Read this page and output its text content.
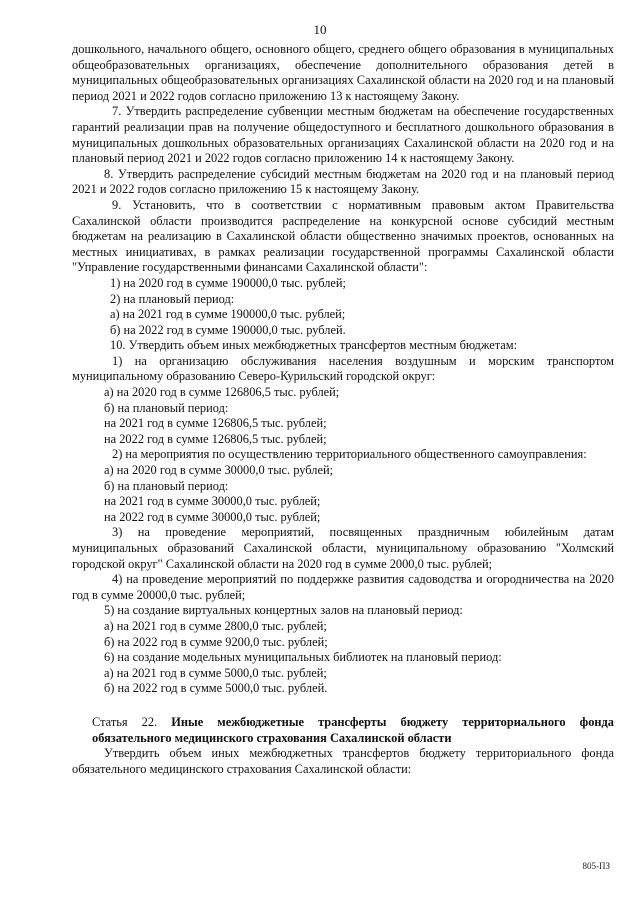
10

дошкольного, начального общего, основного общего, среднего общего образования в муниципальных общеобразовательных организациях, обеспечение дополнительного образования детей в муниципальных общеобразовательных организациях Сахалинской области на 2020 год и на плановый период 2021 и 2022 годов согласно приложению 13 к настоящему Закону.

7. Утвердить распределение субвенции местным бюджетам на обеспечение государственных гарантий реализации прав на получение общедоступного и бесплатного дошкольного образования в муниципальных дошкольных образовательных организациях Сахалинской области на 2020 год и на плановый период 2021 и 2022 годов согласно приложению 14 к настоящему Закону.

8. Утвердить распределение субсидий местным бюджетам на 2020 год и на плановый период 2021 и 2022 годов согласно приложению 15 к настоящему Закону.

9. Установить, что в соответствии с нормативным правовым актом Правительства Сахалинской области производится распределение на конкурсной основе субсидий местным бюджетам на реализацию в Сахалинской области общественно значимых проектов, основанных на местных инициативах, в рамках реализации государственной программы Сахалинской области "Управление государственными финансами Сахалинской области":

1) на 2020 год в сумме 190000,0 тыс. рублей;

2) на плановый период:

а) на 2021 год в сумме 190000,0 тыс. рублей;

б) на 2022 год в сумме 190000,0 тыс. рублей.

10. Утвердить объем иных межбюджетных трансфертов местным бюджетам:

1) на организацию обслуживания населения воздушным и морским транспортом муниципальному образованию Северо-Курильский городской округ:

а) на 2020 год в сумме 126806,5 тыс. рублей;

б) на плановый период:

на 2021 год в сумме 126806,5 тыс. рублей;

на 2022 год в сумме 126806,5 тыс. рублей;

2) на мероприятия по осуществлению территориального общественного самоуправления:

а) на 2020 год в сумме 30000,0 тыс. рублей;

б) на плановый период:

на 2021 год в сумме 30000,0 тыс. рублей;

на 2022 год в сумме 30000,0 тыс. рублей;

3) на проведение мероприятий, посвященных праздничным юбилейным датам муниципальных образований Сахалинской области, муниципальному образованию "Холмский городской округ" Сахалинской области на 2020 год в сумме 2000,0 тыс. рублей;

4) на проведение мероприятий по поддержке развития садоводства и огородничества на 2020 год в сумме 20000,0 тыс. рублей;

5) на создание виртуальных концертных залов на плановый период:

а) на 2021 год в сумме 2800,0 тыс. рублей;

б) на 2022 год в сумме 9200,0 тыс. рублей;

6) на создание модельных муниципальных библиотек на плановый период:

а) на 2021 год в сумме 5000,0 тыс. рублей;

б) на 2022 год в сумме 5000,0 тыс. рублей.

Статья 22. Иные межбюджетные трансферты бюджету территориального фонда обязательного медицинского страхования Сахалинской области

Утвердить объем иных межбюджетных трансфертов бюджету территориального фонда обязательного медицинского страхования Сахалинской области:

805-ПЗ
